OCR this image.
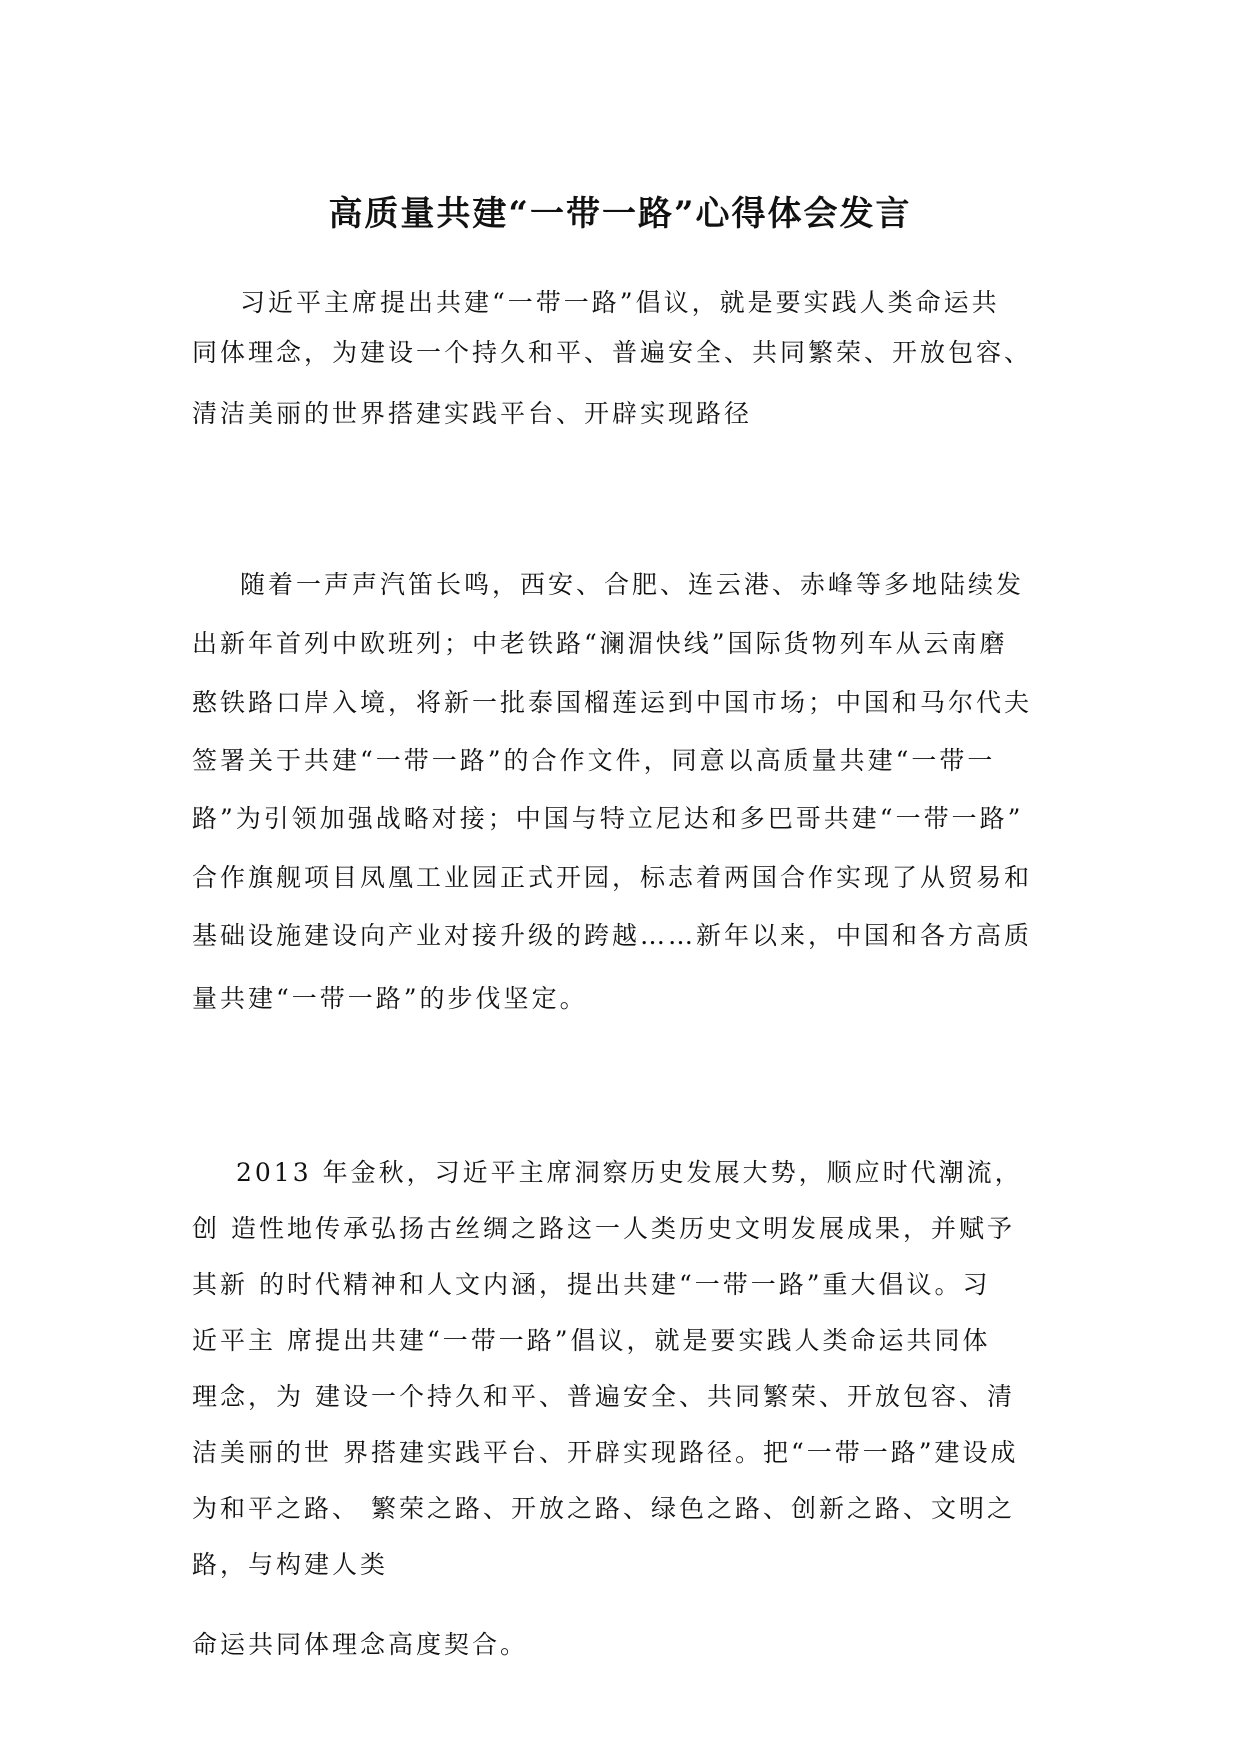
高质量共建“一带一路”心得体会发言

习近平主席提出共建“一带一路”倡议，就是要实践人类命运共

同体理念，为建设一个持久和平、普遍安全、共同繁荣、开放包容、

清洁美丽的世界搭建实践平台、开辟实现路径

随着一声声汽笛长鸣，西安、合肥、连云港、赤峰等多地陆续发

出新年首列中欧班列；中老铁路“澜湄快线”国际货物列车从云南磨

憨铁路口岸入境，将新一批泰国榴莲运到中国市场；中国和马尔代夫

签署关于共建“一带一路”的合作文件，同意以高质量共建“一带一

路”为引领加强战略对接；中国与特立尼达和多巴哥共建“一带一路”

合作旗舰项目凤凰工业园正式开园，标志着两国合作实现了从贸易和

基础设施建设向产业对接升级的跨越……新年以来，中国和各方高质

量共建“一带一路”的步伐坚定。

2013 年金秋，习近平主席洞察历史发展大势，顺应时代潮流，

创 造性地传承弘扬古丝绸之路这一人类历史文明发展成果，并赋予

其新 的时代精神和人文内涵，提出共建“一带一路”重大倡议。习

近平主 席提出共建“一带一路”倡议，就是要实践人类命运共同体

理念，为 建设一个持久和平、普遍安全、共同繁荣、开放包容、清

洁美丽的世 界搭建实践平台、开辟实现路径。把“一带一路”建设成

为和平之路、 繁荣之路、开放之路、绿色之路、创新之路、文明之

路，与构建人类

命运共同体理念高度契合。
